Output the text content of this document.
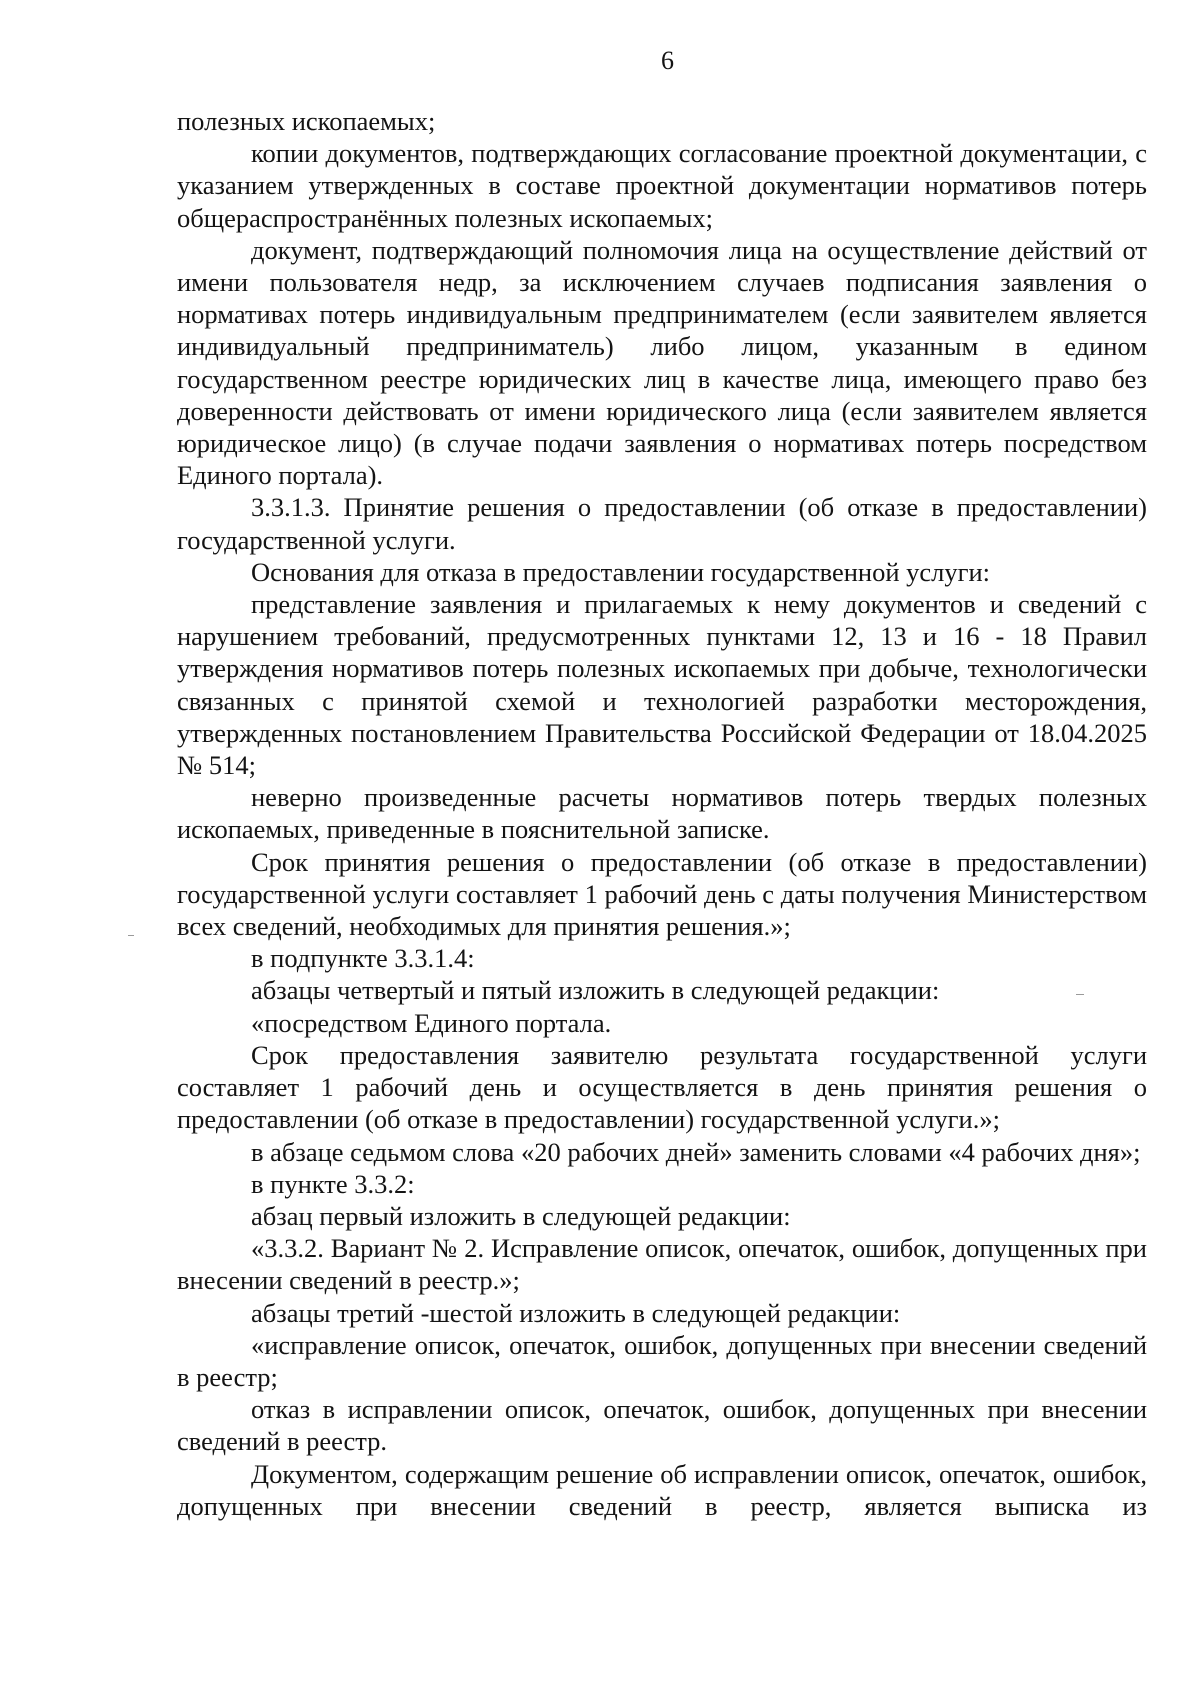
6

полезных ископаемых;

копии документов, подтверждающих согласование проектной документации, с указанием утвержденных в составе проектной документации нормативов потерь общераспространённых полезных ископаемых;

документ, подтверждающий полномочия лица на осуществление действий от имени пользователя недр, за исключением случаев подписания заявления о нормативах потерь индивидуальным предпринимателем (если заявителем является индивидуальный предприниматель) либо лицом, указанным в едином государственном реестре юридических лиц в качестве лица, имеющего право без доверенности действовать от имени юридического лица (если заявителем является юридическое лицо) (в случае подачи заявления о нормативах потерь посредством Единого портала).

3.3.1.3. Принятие решения о предоставлении (об отказе в предоставлении) государственной услуги.

Основания для отказа в предоставлении государственной услуги:

представление заявления и прилагаемых к нему документов и сведений с нарушением требований, предусмотренных пунктами 12, 13 и 16 - 18 Правил утверждения нормативов потерь полезных ископаемых при добыче, технологически связанных с принятой схемой и технологией разработки месторождения, утвержденных постановлением Правительства Российской Федерации от 18.04.2025 № 514;

неверно произведенные расчеты нормативов потерь твердых полезных ископаемых, приведенные в пояснительной записке.

Срок принятия решения о предоставлении (об отказе в предоставлении) государственной услуги составляет 1 рабочий день с даты получения Министерством всех сведений, необходимых для принятия решения.»;

в подпункте 3.3.1.4:

абзацы четвертый и пятый изложить в следующей редакции:

«посредством Единого портала.

Срок предоставления заявителю результата государственной услуги составляет 1 рабочий день и осуществляется в день принятия решения о предоставлении (об отказе в предоставлении) государственной услуги.»;

в абзаце седьмом слова «20 рабочих дней» заменить словами «4 рабочих дня»;

в пункте 3.3.2:

абзац первый изложить в следующей редакции:

«3.3.2. Вариант № 2. Исправление описок, опечаток, ошибок, допущенных при внесении сведений в реестр.»;

абзацы третий -шестой изложить в следующей редакции:

«исправление описок, опечаток, ошибок, допущенных при внесении сведений в реестр;

отказ в исправлении описок, опечаток, ошибок, допущенных при внесении сведений в реестр.

Документом, содержащим решение об исправлении описок, опечаток, ошибок, допущенных при внесении сведений в реестр, является выписка из
